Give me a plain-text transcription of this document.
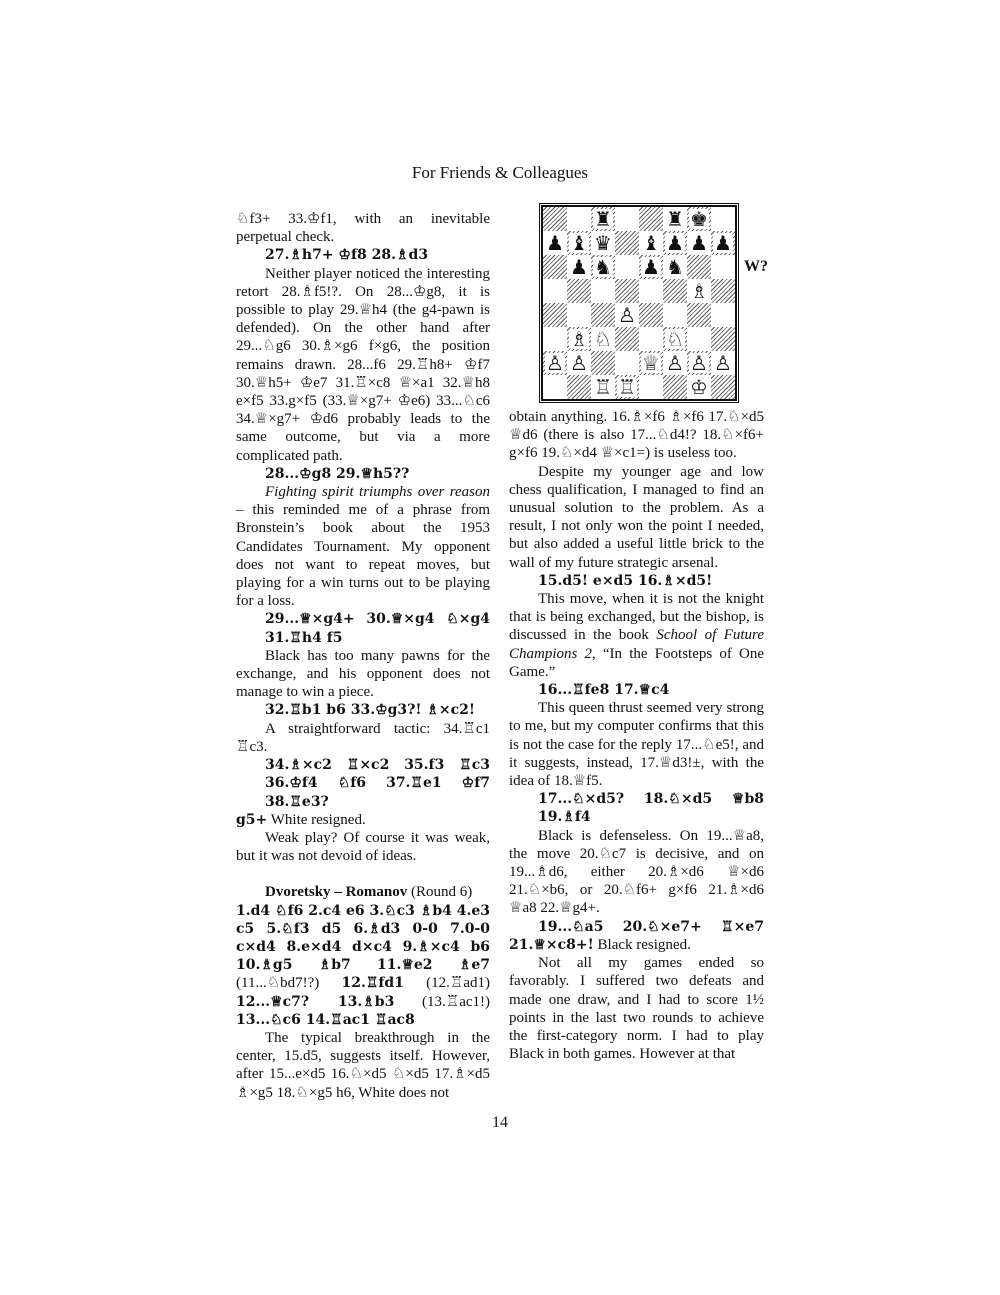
For Friends & Colleagues

♘f3+ 33.♔f1, with an inevitable perpetual check.

27.♗h7+ ♔f8 28.♗d3

Neither player noticed the interesting retort 28.♗f5!?. On 28...♔g8, it is possible to play 29.♕h4 (the g4-pawn is defended). On the other hand after 29...♘g6 30.♗×g6 f×g6, the position remains drawn. 28...f6 29.♖h8+ ♔f7 30.♕h5+ ♔e7 31.♖×c8 ♕×a1 32.♕h8 e×f5 33.g×f5 (33.♕×g7+ ♔e6) 33...♘c6 34.♕×g7+ ♔d6 probably leads to the same outcome, but via a more complicated path.

28...♔g8 29.♕h5??

Fighting spirit triumphs over reason – this reminded me of a phrase from Bronstein’s book about the 1953 Candidates Tournament. My opponent does not want to repeat moves, but playing for a win turns out to be playing for a loss.

29...♕×g4+ 30.♕×g4 ♘×g4 31.♖h4 f5

Black has too many pawns for the exchange, and his opponent does not manage to win a piece.

32.♖b1 b6 33.♔g3?! ♗×c2!

A straightforward tactic: 34.♖c1 ♖c3.

34.♗×c2 ♖×c2 35.f3 ♖c3 36.♔f4 ♘f6 37.♖e1 ♔f7 38.♖e3?

g5+ White resigned.

Weak play? Of course it was weak, but it was not devoid of ideas.

Dvoretsky – Romanov (Round 6)

1.d4 ♘f6 2.c4 e6 3.♘c3 ♗b4 4.e3 c5 5.♘f3 d5 6.♗d3 0-0 7.0-0 c×d4 8.e×d4 d×c4 9.♗×c4 b6 10.♗g5 ♗b7 11.♕e2 ♗e7 (11...♘bd7!?) 12.♖fd1 (12.♖ad1) 12...♕c7? 13.♗b3 (13.♖ac1!) 13...♘c6 14.♖ac1 ♖ac8

The typical breakthrough in the center, 15.d5, suggests itself. However, after 15...e×d5 16.♘×d5 ♘×d5 17.♗×d5 ♗×g5 18.♘×g5 h6, White does not

♜	♜ ♚
♟ ♝ ♛ ♝ ♟ ♟ ♟
♟ ♞ ♟ ♞
♗
♙
♗ ♘	♘
♙ ♙	♕ ♙ ♙ ♙
♖ ♖	♔
W?

obtain anything. 16.♗×f6 ♗×f6 17.♘×d5 ♕d6 (there is also 17...♘d4!? 18.♘×f6+ g×f6 19.♘×d4 ♕×c1=) is useless too.

Despite my younger age and low chess qualification, I managed to find an unusual solution to the problem. As a result, I not only won the point I needed, but also added a useful little brick to the wall of my future strategic arsenal.

15.d5! e×d5 16.♗×d5!

This move, when it is not the knight that is being exchanged, but the bishop, is discussed in the book School of Future Champions 2, “In the Footsteps of One Game.”

16...♖fe8 17.♕c4

This queen thrust seemed very strong to me, but my computer confirms that this is not the case for the reply 17...♘e5!, and it suggests, instead, 17.♕d3!±, with the idea of 18.♕f5.

17...♘×d5? 18.♘×d5 ♕b8 19.♗f4

Black is defenseless. On 19...♕a8, the move 20.♘c7 is decisive, and on 19...♗d6, either 20.♗×d6 ♕×d6 21.♘×b6, or 20.♘f6+ g×f6 21.♗×d6 ♕a8 22.♕g4+.

19...♘a5 20.♘×e7+ ♖×e7 21.♕×c8+! Black resigned.

Not all my games ended so favorably. I suffered two defeats and made one draw, and I had to score 1½ points in the last two rounds to achieve the first-category norm. I had to play Black in both games. However at that

14
